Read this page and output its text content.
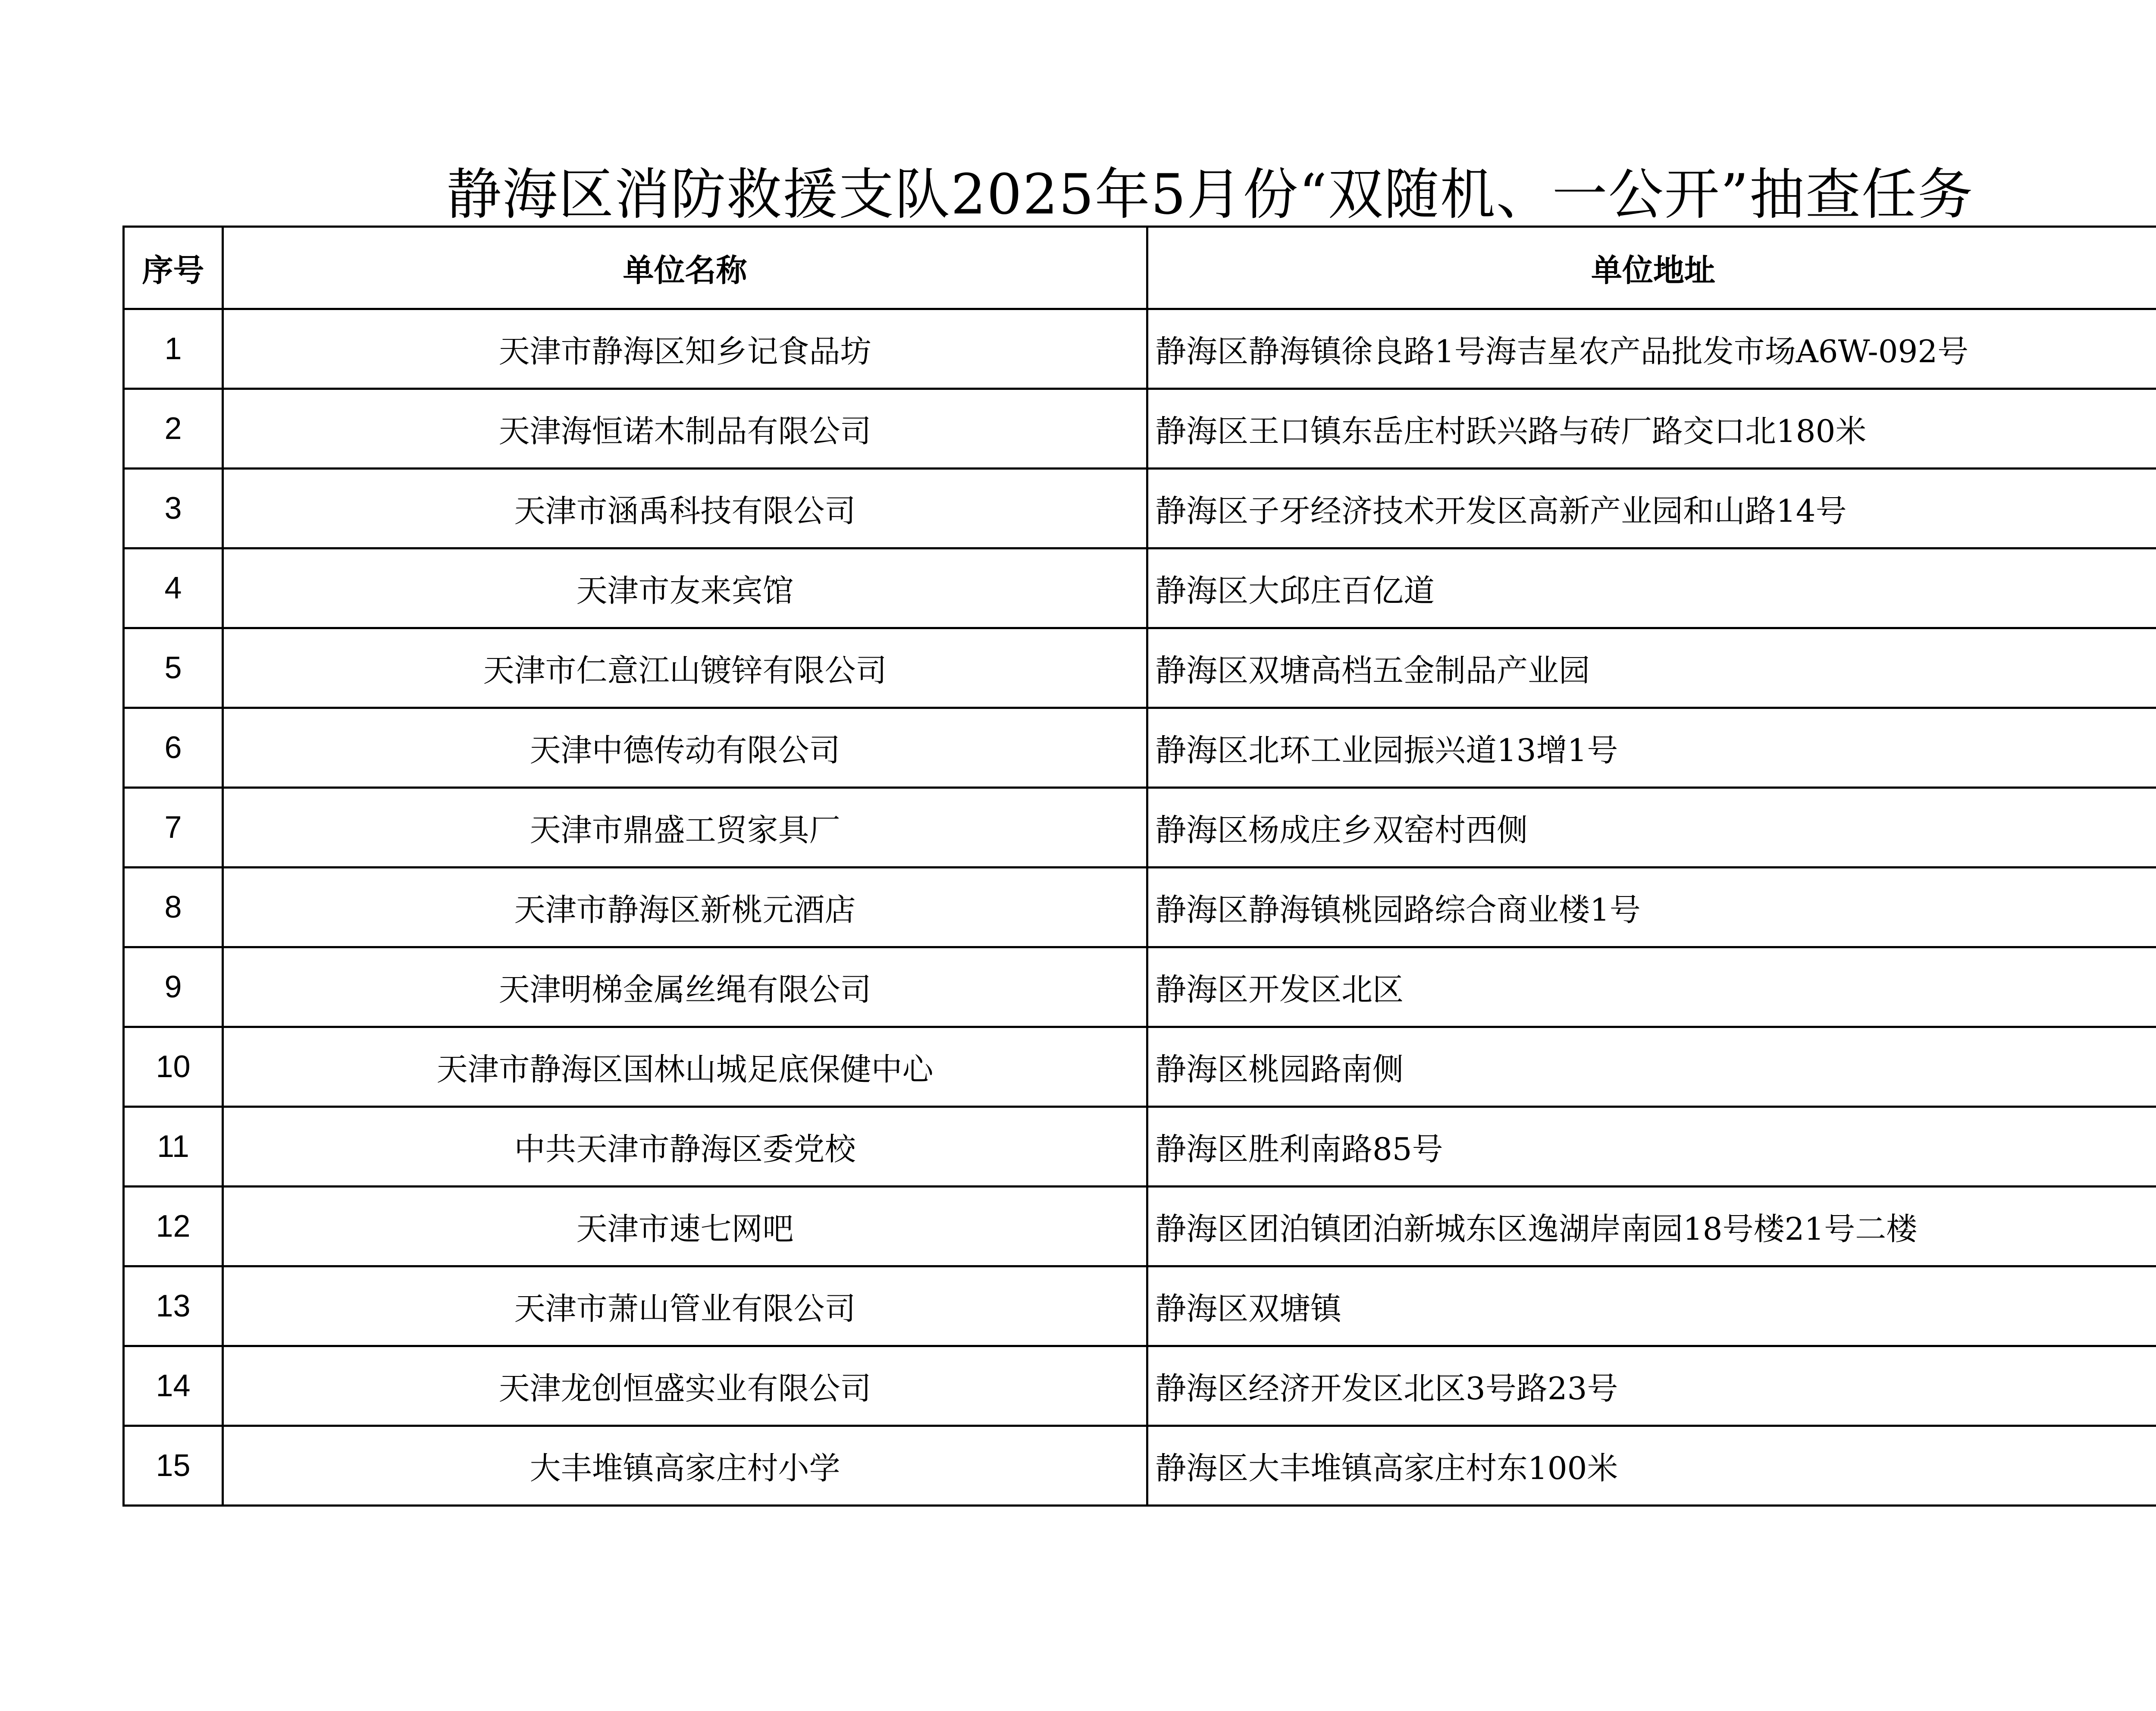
静海区消防救援支队2025年5月份“双随机、一公开”抽查任务
序号	单位名称	单位地址	
1	天津市静海区知乡记食品坊	静海区静海镇徐良路1号海吉星农产品批发市场A6W-092号	
2	天津海恒诺木制品有限公司	静海区王口镇东岳庄村跃兴路与砖厂路交口北180米	
3	天津市涵禹科技有限公司	静海区子牙经济技术开发区高新产业园和山路14号	
4	天津市友来宾馆	静海区大邱庄百亿道	
5	天津市仁意江山镀锌有限公司	静海区双塘高档五金制品产业园	
6	天津中德传动有限公司	静海区北环工业园振兴道13增1号	
7	天津市鼎盛工贸家具厂	静海区杨成庄乡双窑村西侧	
8	天津市静海区新桃元酒店	静海区静海镇桃园路综合商业楼1号	
9	天津明梯金属丝绳有限公司	静海区开发区北区	
10	天津市静海区国林山城足底保健中心	静海区桃园路南侧	
11	中共天津市静海区委党校	静海区胜利南路85号	
12	天津市速七网吧	静海区团泊镇团泊新城东区逸湖岸南园18号楼21号二楼	
13	天津市萧山管业有限公司	静海区双塘镇	
14	天津龙创恒盛实业有限公司	静海区经济开发区北区3号路23号	
15	大丰堆镇高家庄村小学	静海区大丰堆镇高家庄村东100米	
